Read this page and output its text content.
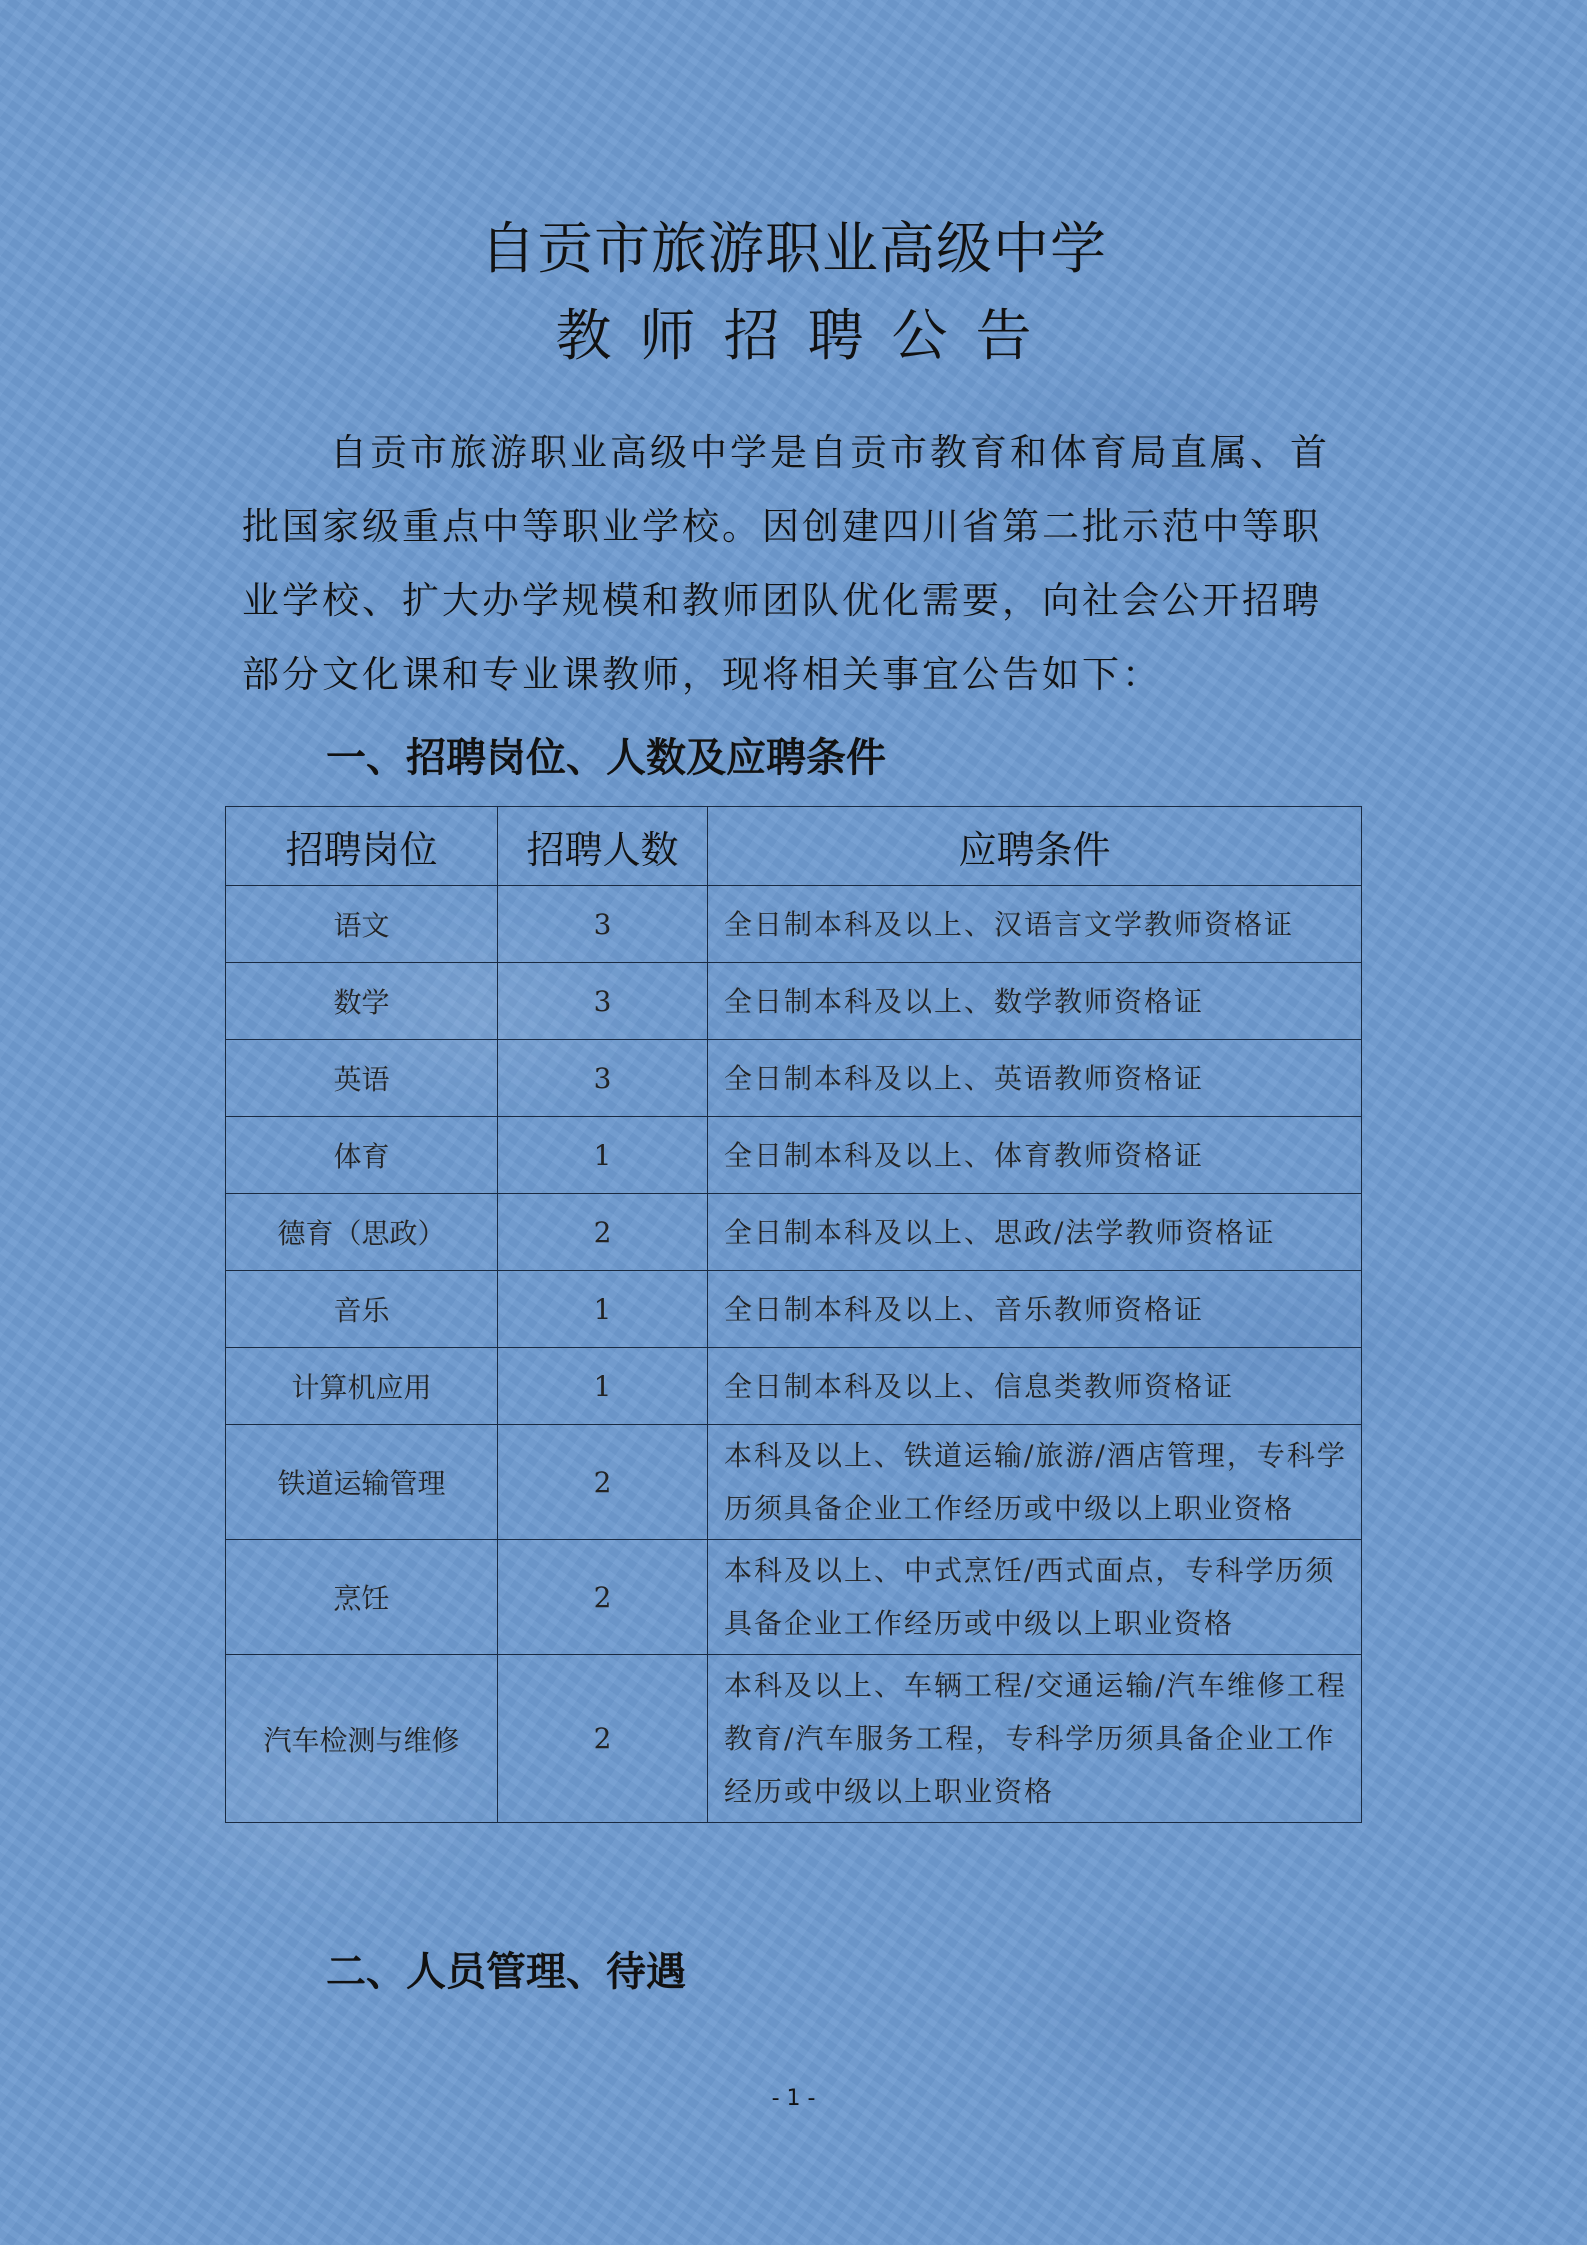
自贡市旅游职业高级中学
教师招聘公告

自贡市旅游职业高级中学是自贡市教育和体育局直属、首批国家级重点中等职业学校。因创建四川省第二批示范中等职业学校、扩大办学规模和教师团队优化需要，向社会公开招聘部分文化课和专业课教师，现将相关事宜公告如下：

一、招聘岗位、人数及应聘条件
招聘岗位	招聘人数	应聘条件
语文	3	全日制本科及以上、汉语言文学教师资格证
数学	3	全日制本科及以上、数学教师资格证
英语	3	全日制本科及以上、英语教师资格证
体育	1	全日制本科及以上、体育教师资格证
德育（思政）	2	全日制本科及以上、思政/法学教师资格证
音乐	1	全日制本科及以上、音乐教师资格证
计算机应用	1	全日制本科及以上、信息类教师资格证
铁道运输管理	2	本科及以上、铁道运输/旅游/酒店管理，专科学历须具备企业工作经历或中级以上职业资格
烹饪	2	本科及以上、中式烹饪/西式面点，专科学历须具备企业工作经历或中级以上职业资格
汽车检测与维修	2	本科及以上、车辆工程/交通运输/汽车维修工程教育/汽车服务工程，专科学历须具备企业工作经历或中级以上职业资格
二、人员管理、待遇
- 1 -
